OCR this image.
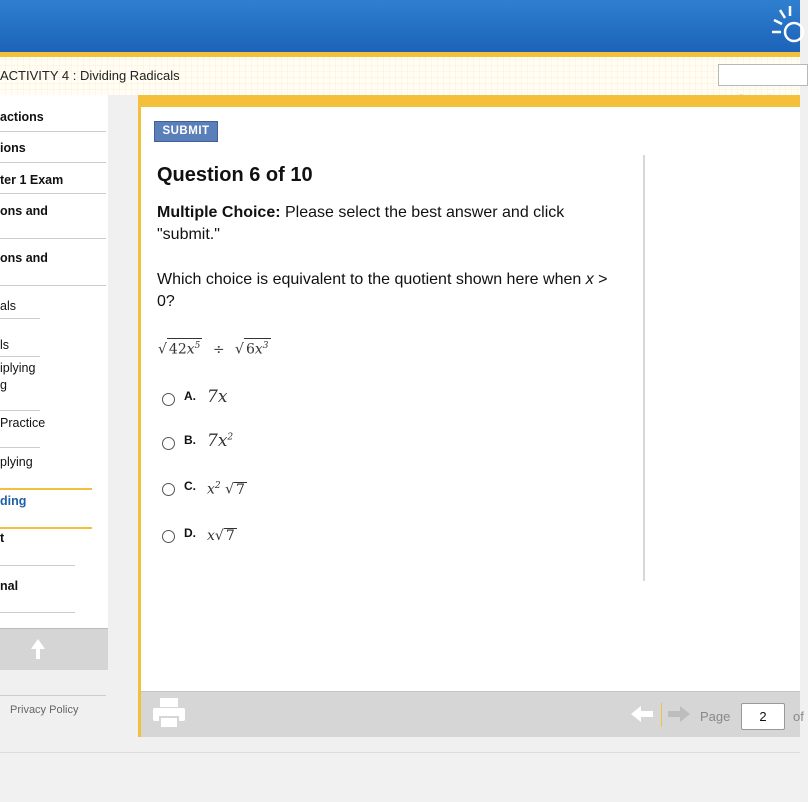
ACTIVITY 4 : Dividing Radicals
actions
ions
ter 1 Exam
ons and
ons and
als
ls
iplying
g
Practice
plying
ding
t
nal
Privacy Policy
SUBMIT
Question 6 of 10
Multiple Choice: Please select the best answer and click "submit."
Which choice is equivalent to the quotient shown here when x > 0?
√ $42x^5$ ÷ √ $6x^3$
A. 7x
B. $7x^2$
C. $x^2$ √ 7
D. x√ 7
Page	2	of
